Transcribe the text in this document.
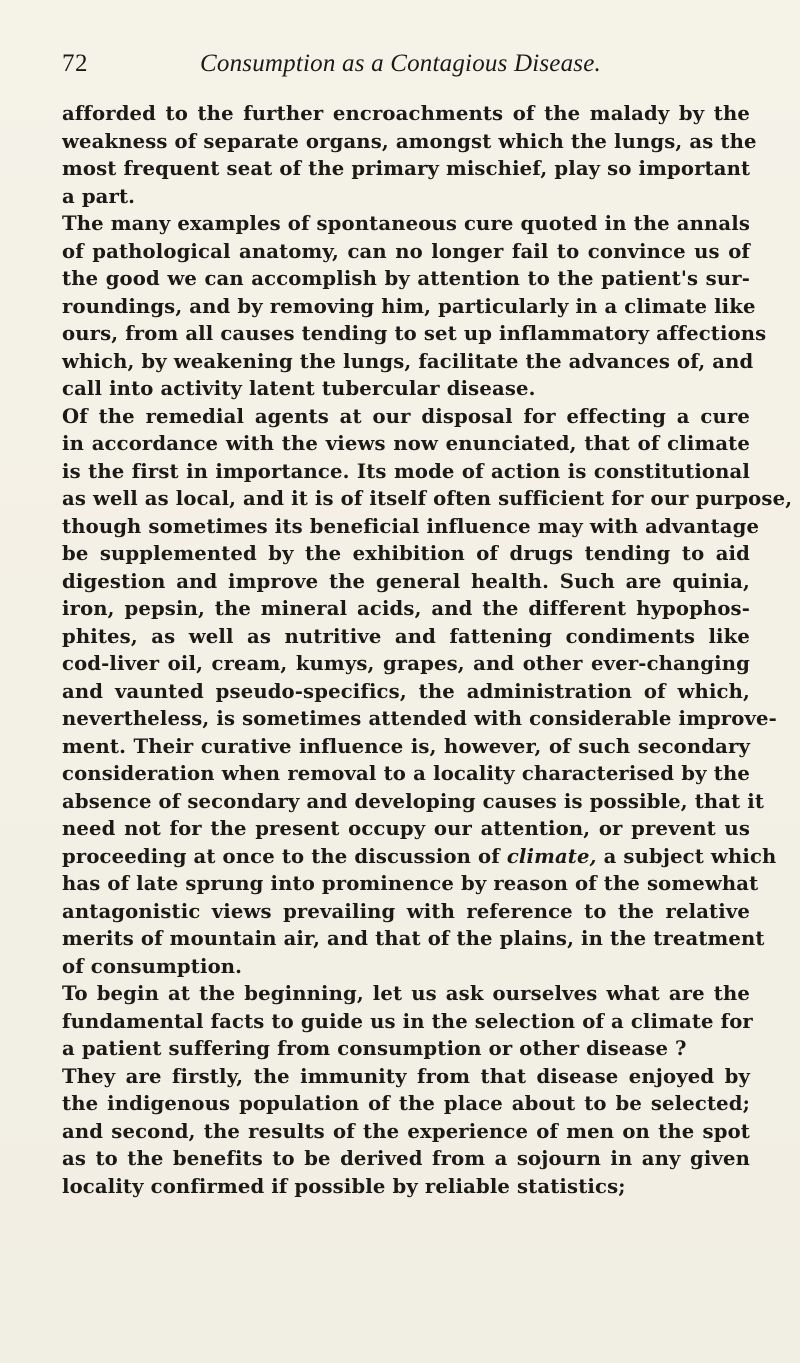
72	Consumption as a Contagious Disease.
afforded to the further encroachments of the malady by the
weakness of separate organs, amongst which the lungs, as the
most frequent seat of the primary mischief, play so important
a part.
The many examples of spontaneous cure quoted in the annals
of pathological anatomy, can no longer fail to convince us of
the good we can accomplish by attention to the patient's sur-
roundings, and by removing him, particularly in a climate like
ours, from all causes tending to set up inflammatory affections
which, by weakening the lungs, facilitate the advances of, and
call into activity latent tubercular disease.
Of the remedial agents at our disposal for effecting a cure
in accordance with the views now enunciated, that of climate
is the first in importance. Its mode of action is constitutional
as well as local, and it is of itself often sufficient for our purpose,
though sometimes its beneficial influence may with advantage
be supplemented by the exhibition of drugs tending to aid
digestion and improve the general health. Such are quinia,
iron, pepsin, the mineral acids, and the different hypophos-
phites, as well as nutritive and fattening condiments like
cod-liver oil, cream, kumys, grapes, and other ever-changing
and vaunted pseudo-specifics, the administration of which,
nevertheless, is sometimes attended with considerable improve-
ment. Their curative influence is, however, of such secondary
consideration when removal to a locality characterised by the
absence of secondary and developing causes is possible, that it
need not for the present occupy our attention, or prevent us
proceeding at once to the discussion of climate, a subject which
has of late sprung into prominence by reason of the somewhat
antagonistic views prevailing with reference to the relative
merits of mountain air, and that of the plains, in the treatment
of consumption.
To begin at the beginning, let us ask ourselves what are the
fundamental facts to guide us in the selection of a climate for
a patient suffering from consumption or other disease ?
They are firstly, the immunity from that disease enjoyed by
the indigenous population of the place about to be selected;
and second, the results of the experience of men on the spot
as to the benefits to be derived from a sojourn in any given
locality confirmed if possible by reliable statistics;
